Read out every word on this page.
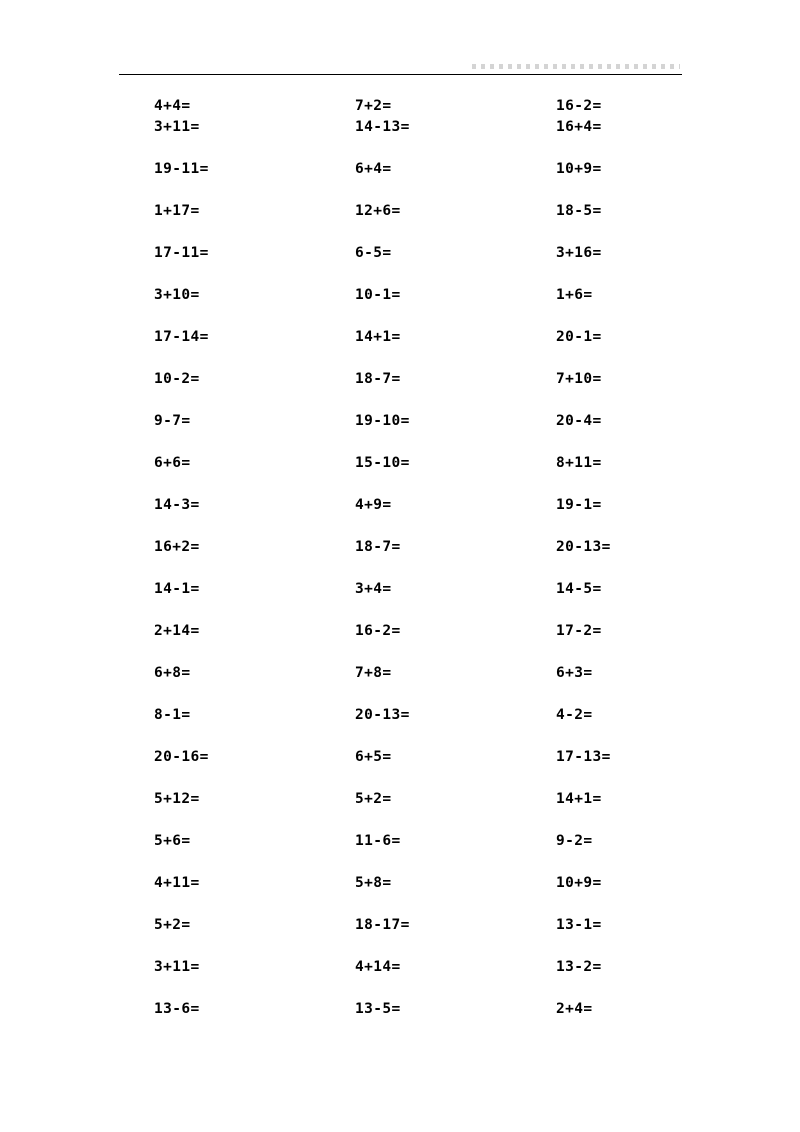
4+4=	7+2=	16-2=
3+11=	14-13=	16+4=
19-11=	6+4=	10+9=
1+17=	12+6=	18-5=
17-11=	6-5=	3+16=
3+10=	10-1=	1+6=
17-14=	14+1=	20-1=
10-2=	18-7=	7+10=
9-7=	19-10=	20-4=
6+6=	15-10=	8+11=
14-3=	4+9=	19-1=
16+2=	18-7=	20-13=
14-1=	3+4=	14-5=
2+14=	16-2=	17-2=
6+8=	7+8=	6+3=
8-1=	20-13=	4-2=
20-16=	6+5=	17-13=
5+12=	5+2=	14+1=
5+6=	11-6=	9-2=
4+11=	5+8=	10+9=
5+2=	18-17=	13-1=
3+11=	4+14=	13-2=
13-6=	13-5=	2+4=
